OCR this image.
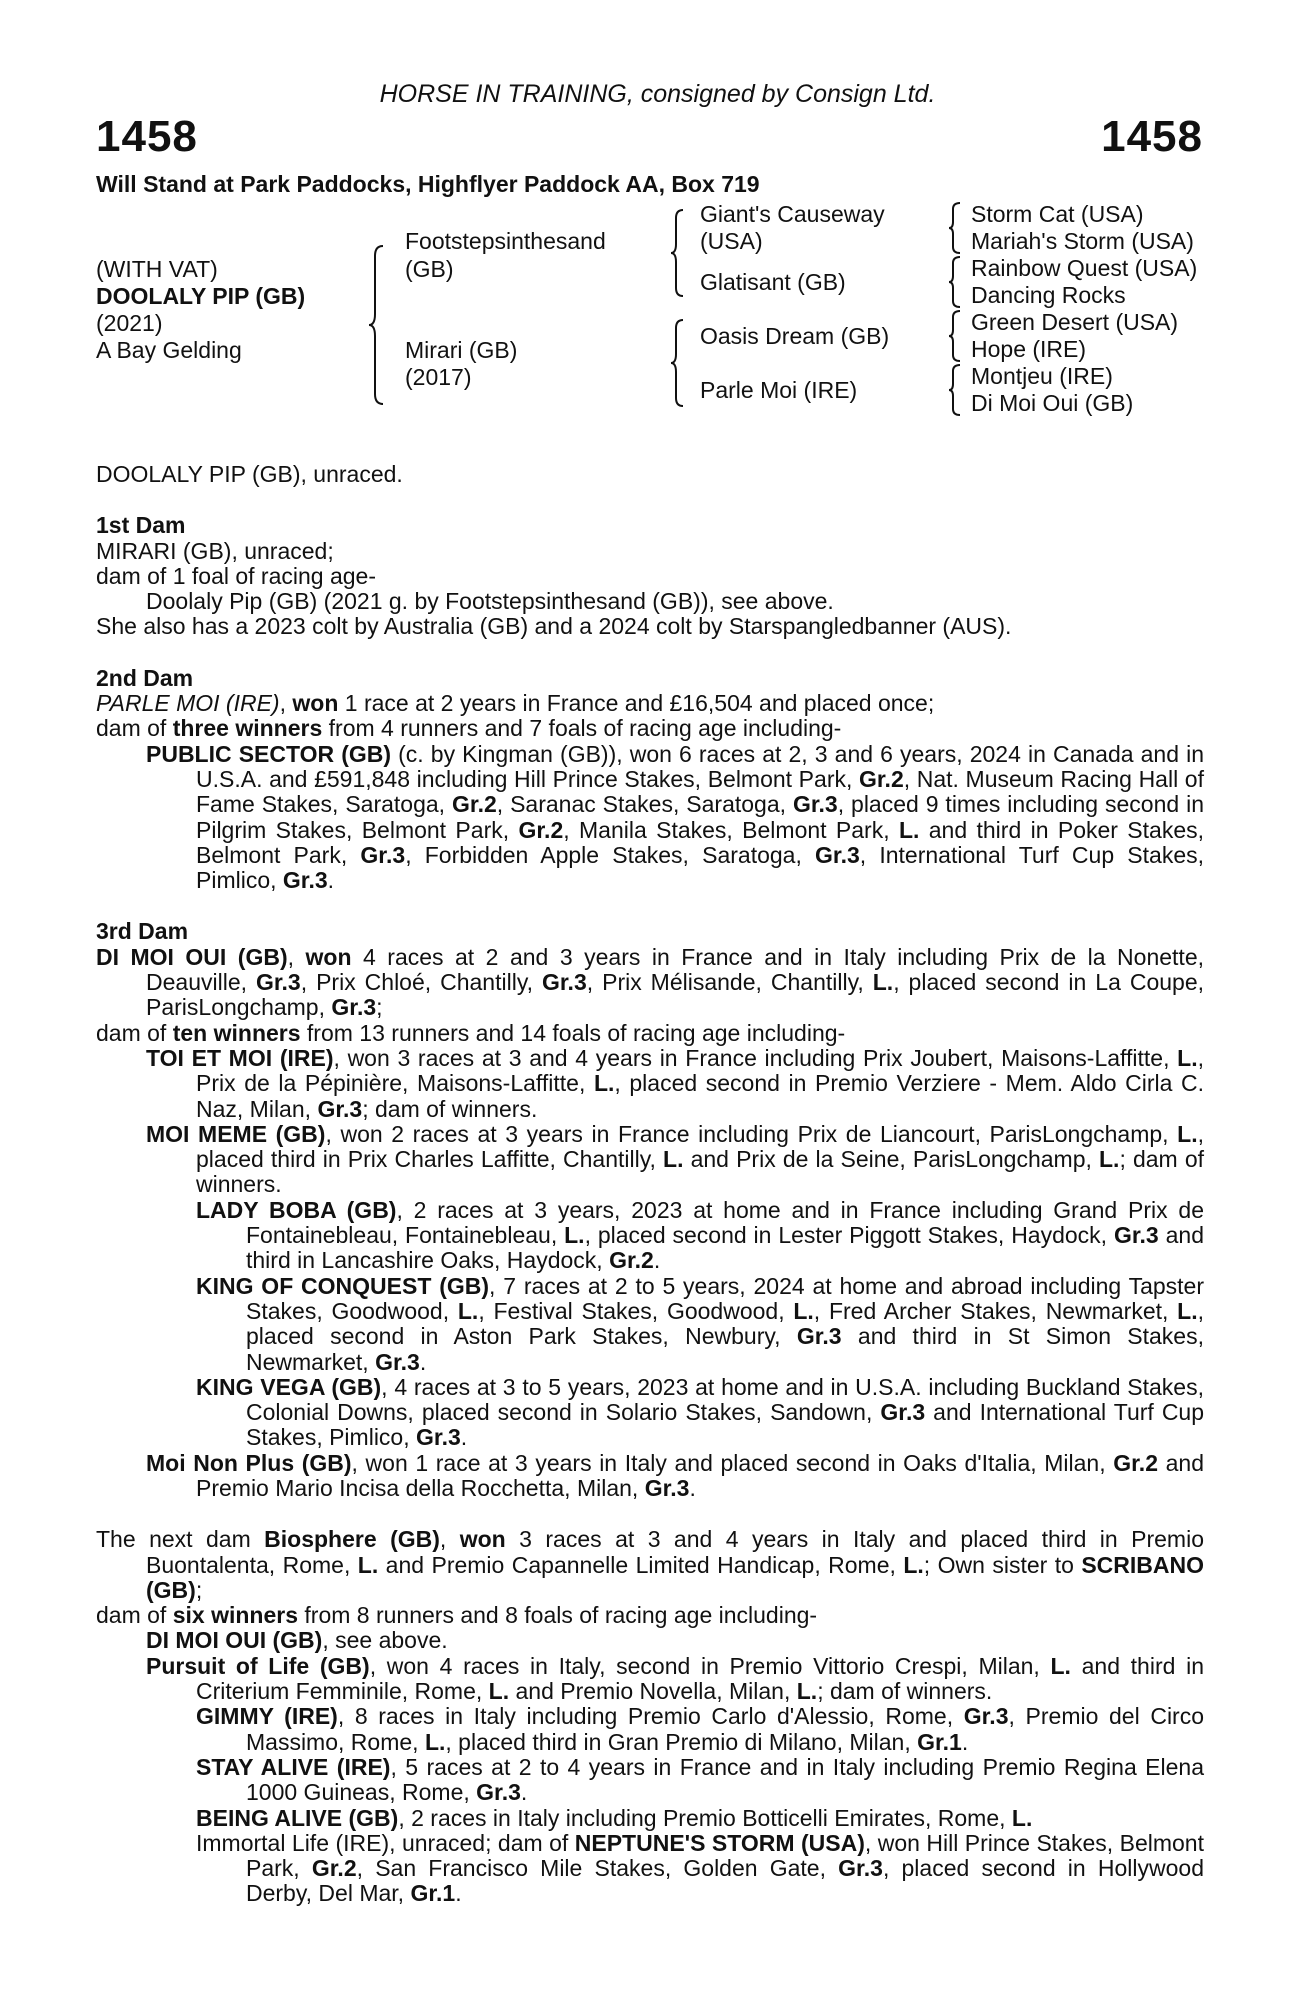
HORSE IN TRAINING, consigned by Consign Ltd.
1458	1458
Will Stand at Park Paddocks, Highflyer Paddock AA, Box 719
(WITH VAT)
DOOLALY PIP (GB)
(2021)
A Bay Gelding
Footstepsinthesand
(GB)
Mirari (GB)
(2017)
Giant's Causeway
(USA)
Glatisant (GB)
Oasis Dream (GB)
Parle Moi (IRE)
Storm Cat (USA)
Mariah's Storm (USA)
Rainbow Quest (USA)
Dancing Rocks
Green Desert (USA)
Hope (IRE)
Montjeu (IRE)
Di Moi Oui (GB)

DOOLALY PIP (GB), unraced.

1st Dam

MIRARI (GB), unraced;

dam of 1 foal of racing age-

Doolaly Pip (GB) (2021 g. by Footstepsinthesand (GB)), see above.

She also has a 2023 colt by Australia (GB) and a 2024 colt by Starspangledbanner (AUS).

2nd Dam

PARLE MOI (IRE), won 1 race at 2 years in France and £16,504 and placed once;

dam of three winners from 4 runners and 7 foals of racing age including-

PUBLIC SECTOR (GB) (c. by Kingman (GB)), won 6 races at 2, 3 and 6 years, 2024 in Canada and in U.S.A. and £591,848 including Hill Prince Stakes, Belmont Park, Gr.2, Nat. Museum Racing Hall of Fame Stakes, Saratoga, Gr.2, Saranac Stakes, Saratoga, Gr.3, placed 9 times including second in Pilgrim Stakes, Belmont Park, Gr.2, Manila Stakes, Belmont Park, L. and third in Poker Stakes, Belmont Park, Gr.3, Forbidden Apple Stakes, Saratoga, Gr.3, International Turf Cup Stakes, Pimlico, Gr.3.

3rd Dam

DI MOI OUI (GB), won 4 races at 2 and 3 years in France and in Italy including Prix de la Nonette, Deauville, Gr.3, Prix Chloé, Chantilly, Gr.3, Prix Mélisande, Chantilly, L., placed second in La Coupe, ParisLongchamp, Gr.3;

dam of ten winners from 13 runners and 14 foals of racing age including-

TOI ET MOI (IRE), won 3 races at 3 and 4 years in France including Prix Joubert, Maisons-Laffitte, L., Prix de la Pépinière, Maisons-Laffitte, L., placed second in Premio Verziere - Mem. Aldo Cirla C. Naz, Milan, Gr.3; dam of winners.

MOI MEME (GB), won 2 races at 3 years in France including Prix de Liancourt, ParisLongchamp, L., placed third in Prix Charles Laffitte, Chantilly, L. and Prix de la Seine, ParisLongchamp, L.; dam of winners.

LADY BOBA (GB), 2 races at 3 years, 2023 at home and in France including Grand Prix de Fontainebleau, Fontainebleau, L., placed second in Lester Piggott Stakes, Haydock, Gr.3 and third in Lancashire Oaks, Haydock, Gr.2.

KING OF CONQUEST (GB), 7 races at 2 to 5 years, 2024 at home and abroad including Tapster Stakes, Goodwood, L., Festival Stakes, Goodwood, L., Fred Archer Stakes, Newmarket, L., placed second in Aston Park Stakes, Newbury, Gr.3 and third in St Simon Stakes, Newmarket, Gr.3.

KING VEGA (GB), 4 races at 3 to 5 years, 2023 at home and in U.S.A. including Buckland Stakes, Colonial Downs, placed second in Solario Stakes, Sandown, Gr.3 and International Turf Cup Stakes, Pimlico, Gr.3.

Moi Non Plus (GB), won 1 race at 3 years in Italy and placed second in Oaks d'Italia, Milan, Gr.2 and Premio Mario Incisa della Rocchetta, Milan, Gr.3.

The next dam Biosphere (GB), won 3 races at 3 and 4 years in Italy and placed third in Premio Buontalenta, Rome, L. and Premio Capannelle Limited Handicap, Rome, L.; Own sister to SCRIBANO (GB);

dam of six winners from 8 runners and 8 foals of racing age including-

DI MOI OUI (GB), see above.

Pursuit of Life (GB), won 4 races in Italy, second in Premio Vittorio Crespi, Milan, L. and third in Criterium Femminile, Rome, L. and Premio Novella, Milan, L.; dam of winners.

GIMMY (IRE), 8 races in Italy including Premio Carlo d'Alessio, Rome, Gr.3, Premio del Circo Massimo, Rome, L., placed third in Gran Premio di Milano, Milan, Gr.1.

STAY ALIVE (IRE), 5 races at 2 to 4 years in France and in Italy including Premio Regina Elena 1000 Guineas, Rome, Gr.3.

BEING ALIVE (GB), 2 races in Italy including Premio Botticelli Emirates, Rome, L.

Immortal Life (IRE), unraced; dam of NEPTUNE'S STORM (USA), won Hill Prince Stakes, Belmont Park, Gr.2, San Francisco Mile Stakes, Golden Gate, Gr.3, placed second in Hollywood Derby, Del Mar, Gr.1.
